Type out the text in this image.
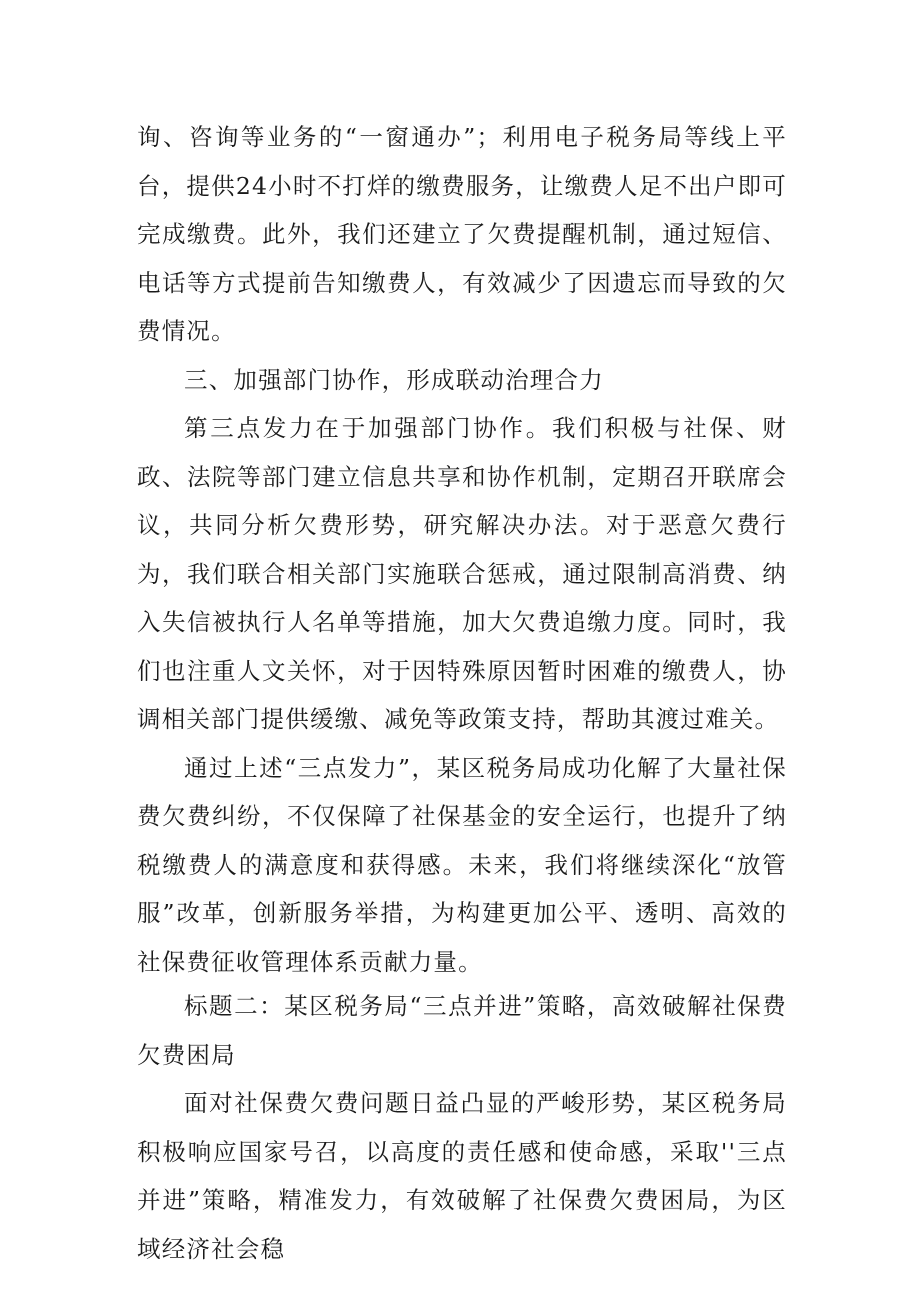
询、咨询等业务的“一窗通办”；利用电子税务局等线上平台，提供24小时不打烊的缴费服务，让缴费人足不出户即可完成缴费。此外，我们还建立了欠费提醒机制，通过短信、电话等方式提前告知缴费人，有效减少了因遗忘而导致的欠费情况。

三、加强部门协作，形成联动治理合力

第三点发力在于加强部门协作。我们积极与社保、财政、法院等部门建立信息共享和协作机制，定期召开联席会议，共同分析欠费形势，研究解决办法。对于恶意欠费行为，我们联合相关部门实施联合惩戒，通过限制高消费、纳入失信被执行人名单等措施，加大欠费追缴力度。同时，我们也注重人文关怀，对于因特殊原因暂时困难的缴费人，协调相关部门提供缓缴、减免等政策支持，帮助其渡过难关。

通过上述“三点发力”，某区税务局成功化解了大量社保费欠费纠纷，不仅保障了社保基金的安全运行，也提升了纳税缴费人的满意度和获得感。未来，我们将继续深化“放管服”改革，创新服务举措，为构建更加公平、透明、高效的社保费征收管理体系贡献力量。

标题二：某区税务局“三点并进”策略，高效破解社保费欠费困局

面对社保费欠费问题日益凸显的严峻形势，某区税务局积极响应国家号召，以高度的责任感和使命感，采取''三点并进”策略，精准发力，有效破解了社保费欠费困局，为区域经济社会稳
